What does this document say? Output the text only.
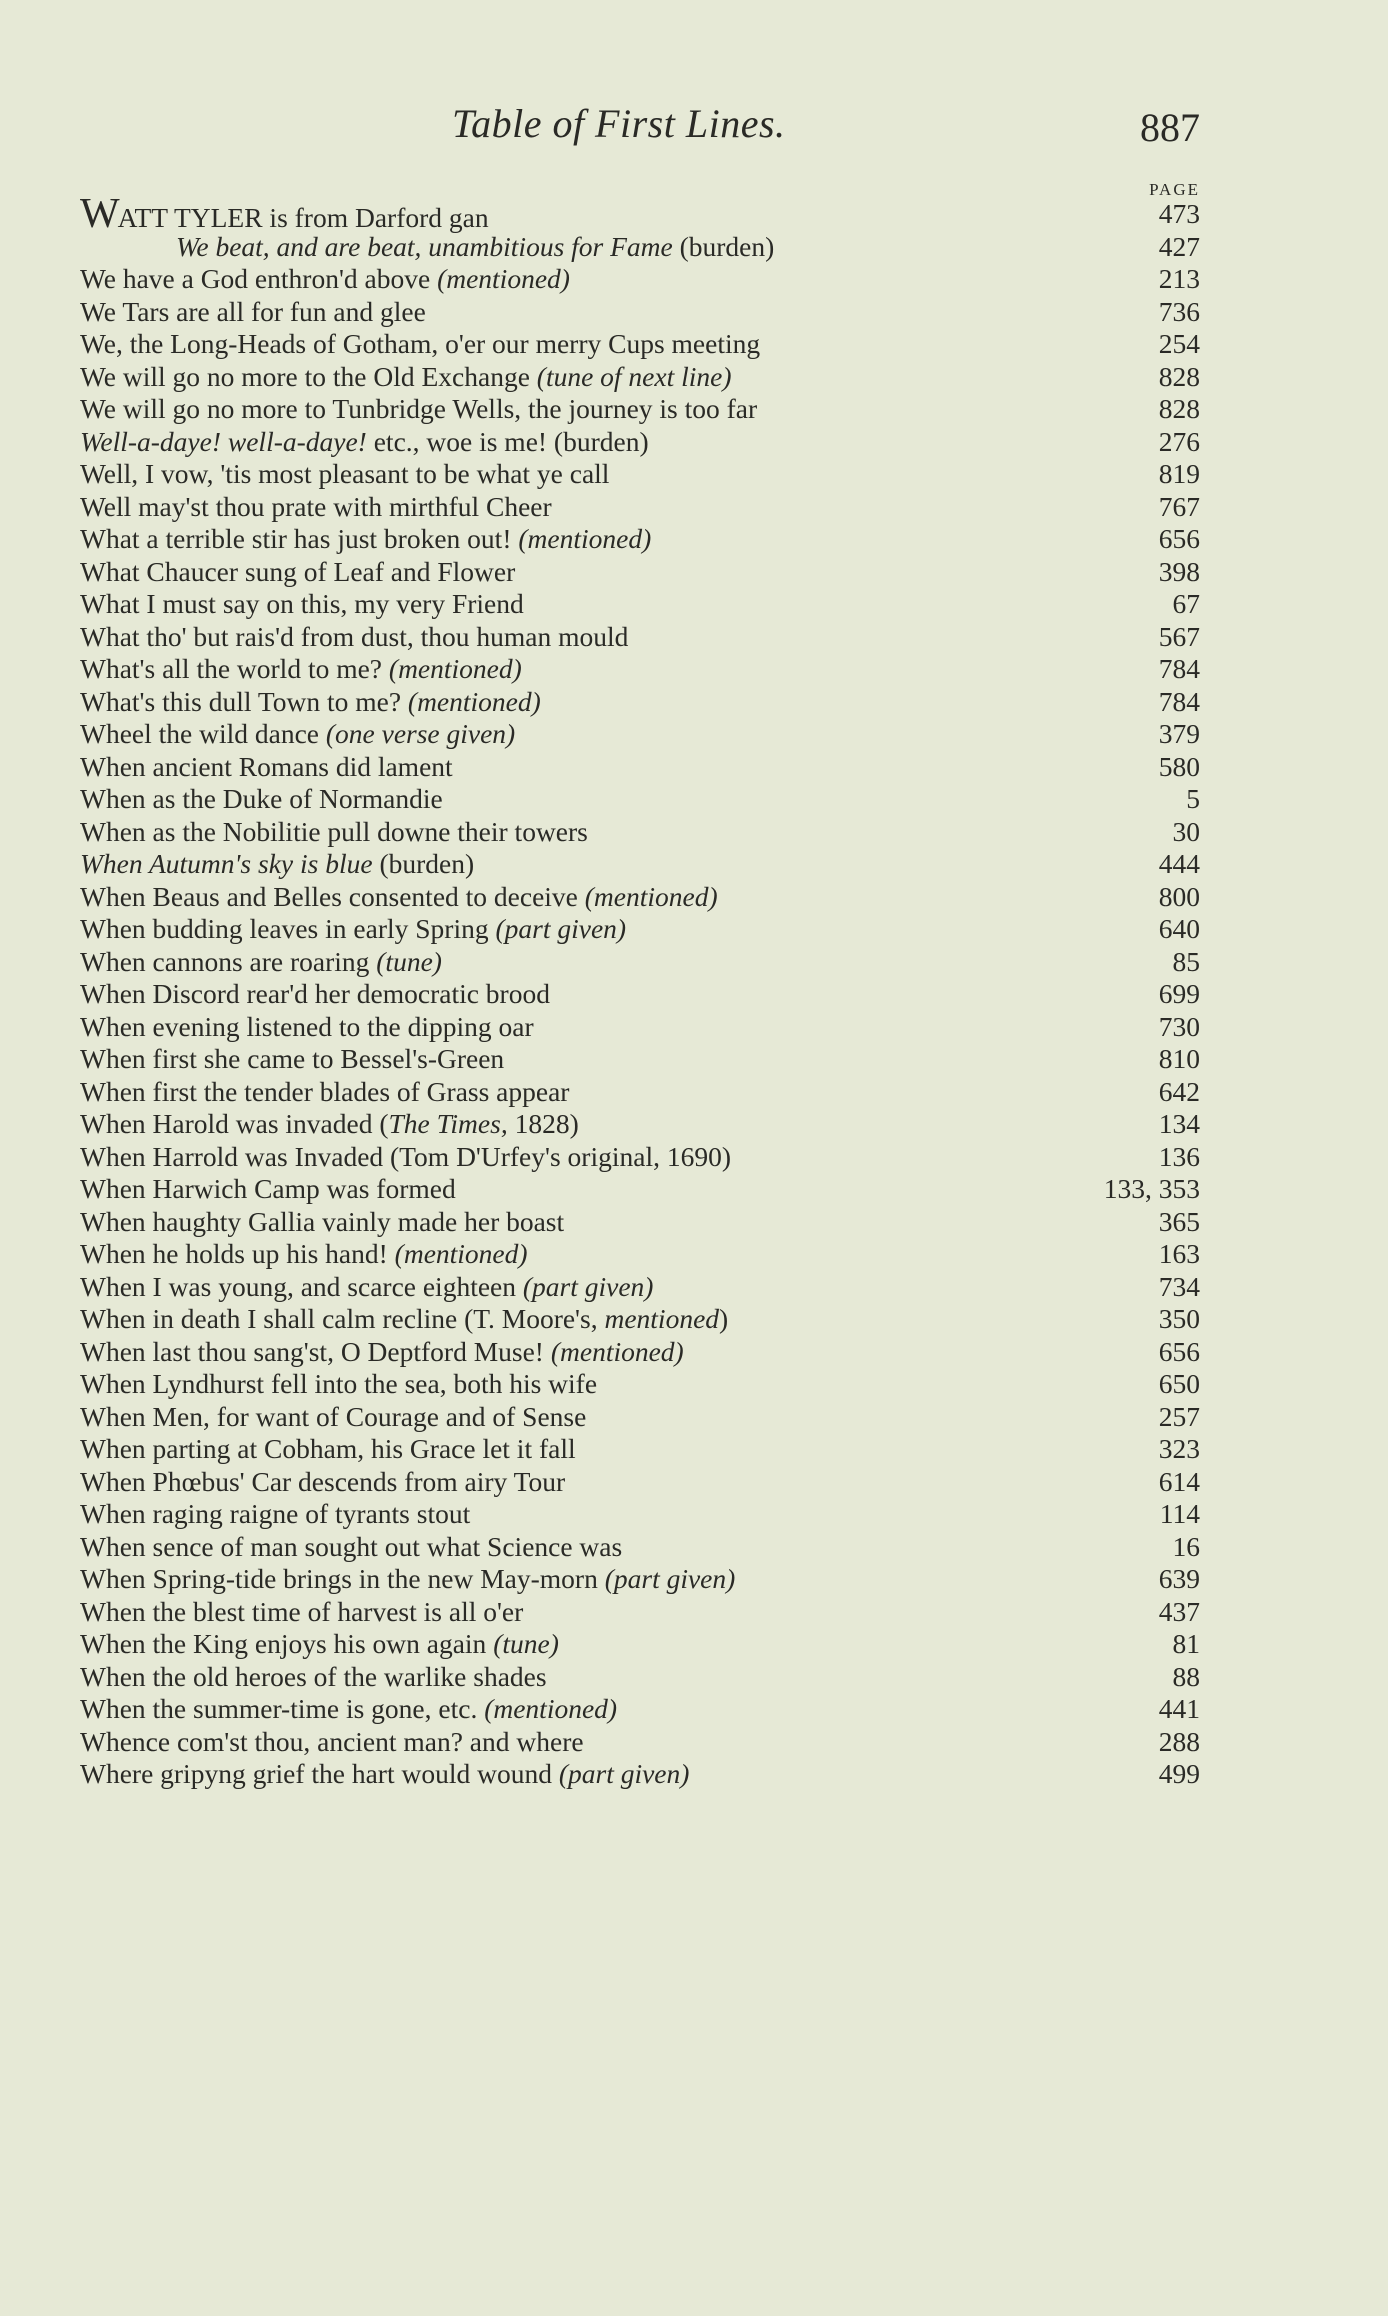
Table of First Lines.	887
PAGE
WATT TYLER is from Darford gan	473
We beat, and are beat, unambitious for Fame (burden)	427
We have a God enthron'd above (mentioned)	213
We Tars are all for fun and glee	736
We, the Long-Heads of Gotham, o'er our merry Cups meeting	254
We will go no more to the Old Exchange (tune of next line)	828
We will go no more to Tunbridge Wells, the journey is too far	828
Well-a-daye! well-a-daye! etc., woe is me! (burden)	276
Well, I vow, 'tis most pleasant to be what ye call	819
Well may'st thou prate with mirthful Cheer	767
What a terrible stir has just broken out! (mentioned)	656
What Chaucer sung of Leaf and Flower	398
What I must say on this, my very Friend	67
What tho' but rais'd from dust, thou human mould	567
What's all the world to me? (mentioned)	784
What's this dull Town to me? (mentioned)	784
Wheel the wild dance (one verse given)	379
When ancient Romans did lament	580
When as the Duke of Normandie	5
When as the Nobilitie pull downe their towers	30
When Autumn's sky is blue (burden)	444
When Beaus and Belles consented to deceive (mentioned)	800
When budding leaves in early Spring (part given)	640
When cannons are roaring (tune)	85
When Discord rear'd her democratic brood	699
When evening listened to the dipping oar	730
When first she came to Bessel's-Green	810
When first the tender blades of Grass appear	642
When Harold was invaded (The Times, 1828)	134
When Harrold was Invaded (Tom D'Urfey's original, 1690)	136
When Harwich Camp was formed	133, 353
When haughty Gallia vainly made her boast	365
When he holds up his hand! (mentioned)	163
When I was young, and scarce eighteen (part given)	734
When in death I shall calm recline (T. Moore's, mentioned)	350
When last thou sang'st, O Deptford Muse! (mentioned)	656
When Lyndhurst fell into the sea, both his wife	650
When Men, for want of Courage and of Sense	257
When parting at Cobham, his Grace let it fall	323
When Phœbus' Car descends from airy Tour	614
When raging raigne of tyrants stout	114
When sence of man sought out what Science was	16
When Spring-tide brings in the new May-morn (part given)	639
When the blest time of harvest is all o'er	437
When the King enjoys his own again (tune)	81
When the old heroes of the warlike shades	88
When the summer-time is gone, etc. (mentioned)	441
Whence com'st thou, ancient man? and where	288
Where gripyng grief the hart would wound (part given)	499
